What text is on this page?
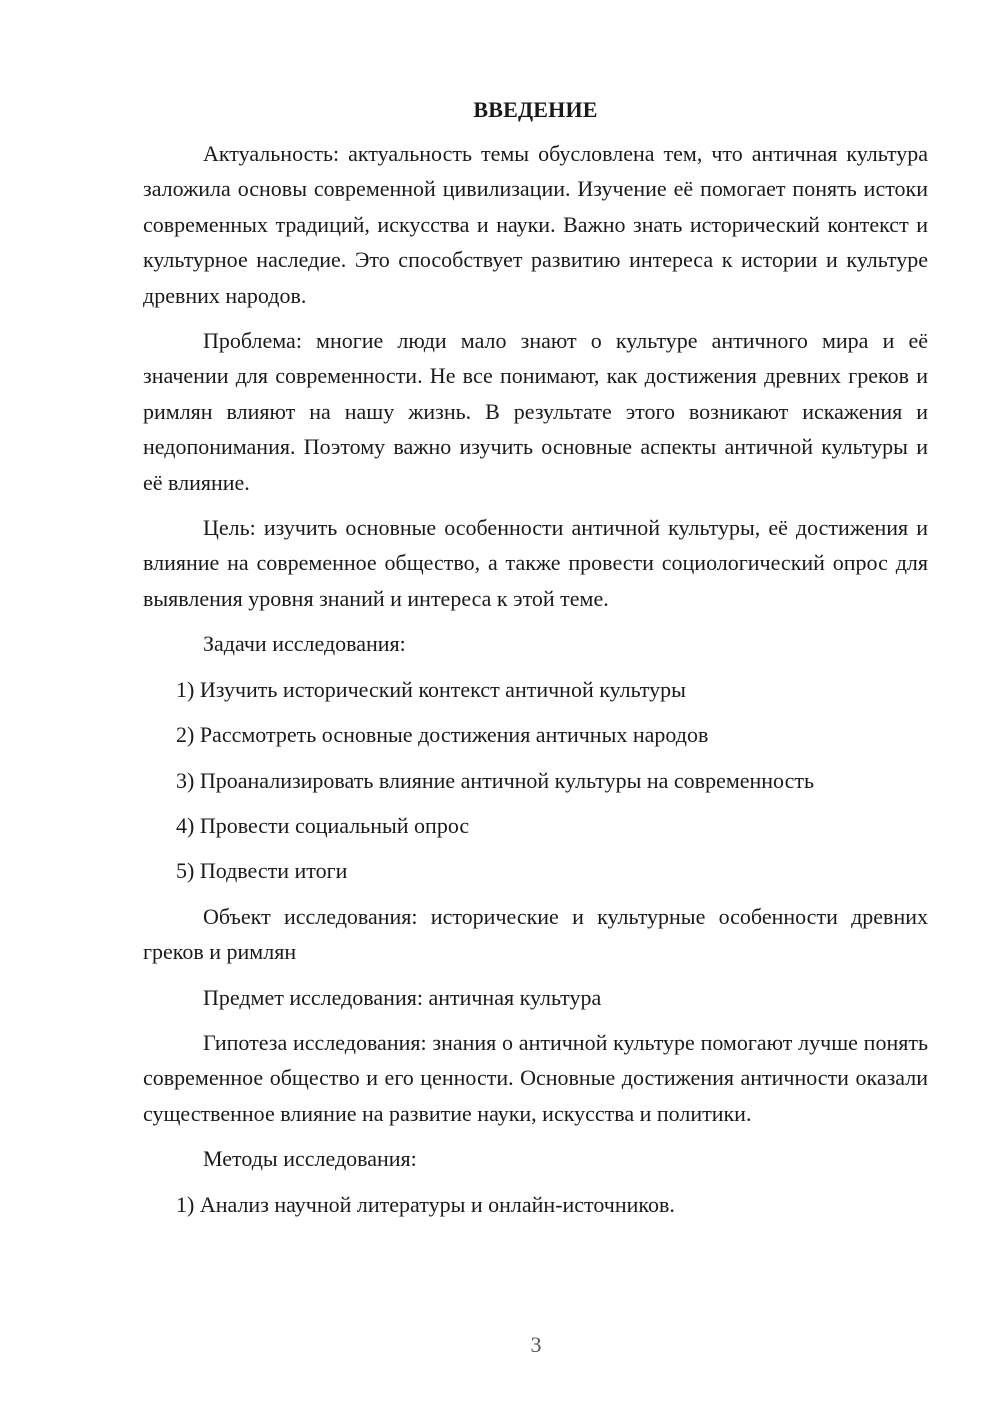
ВВЕДЕНИЕ

Актуальность: актуальность темы обусловлена тем, что античная культура заложила основы современной цивилизации. Изучение её помогает понять истоки современных традиций, искусства и науки. Важно знать исторический контекст и культурное наследие. Это способствует развитию интереса к истории и культуре древних народов.

Проблема: многие люди мало знают о культуре античного мира и её значении для современности. Не все понимают, как достижения древних греков и римлян влияют на нашу жизнь. В результате этого возникают искажения и недопонимания. Поэтому важно изучить основные аспекты античной культуры и её влияние.

Цель: изучить основные особенности античной культуры, её достижения и влияние на современное общество, а также провести социологический опрос для выявления уровня знаний и интереса к этой теме.

Задачи исследования:

1) Изучить исторический контекст античной культуры
2) Рассмотреть основные достижения античных народов
3) Проанализировать влияние античной культуры на современность
4) Провести социальный опрос
5) Подвести итоги

Объект исследования: исторические и культурные особенности древних греков и римлян

Предмет исследования: античная культура

Гипотеза исследования: знания о античной культуре помогают лучше понять современное общество и его ценности. Основные достижения античности оказали существенное влияние на развитие науки, искусства и политики.

Методы исследования:

1) Анализ научной литературы и онлайн-источников.
3
